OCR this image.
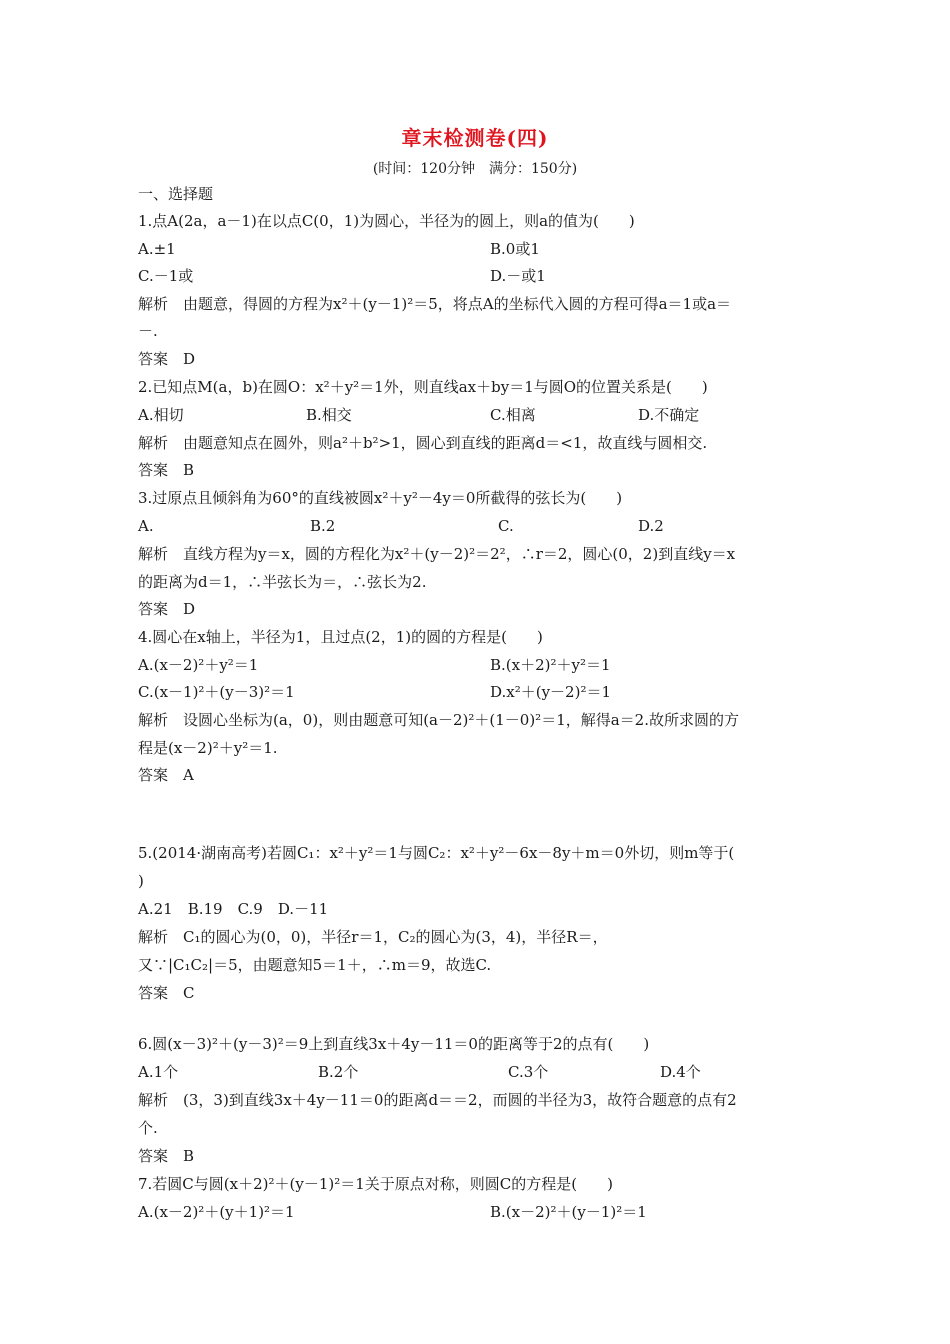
章末检测卷(四)
(时间：120分钟　满分：150分)
一、选择题
1.点A(2a，a－1)在以点C(0，1)为圆心，半径为的圆上，则a的值为(　　)
A.±1	B.0或1
C.－1或	D.－或1
解析　由题意，得圆的方程为x²＋(y－1)²＝5，将点A的坐标代入圆的方程可得a＝1或a＝
－.
答案　D
2.已知点M(a，b)在圆O：x²＋y²＝1外，则直线ax＋by＝1与圆O的位置关系是(　　)
A.相切	B.相交	C.相离	D.不确定
解析　由题意知点在圆外，则a²＋b²>1，圆心到直线的距离d＝<1，故直线与圆相交.
答案　B
3.过原点且倾斜角为60°的直线被圆x²＋y²－4y＝0所截得的弦长为(　　)
A.	B.2	C.	D.2
解析　直线方程为y＝x，圆的方程化为x²＋(y－2)²＝2²，∴r＝2，圆心(0，2)到直线y＝x
的距离为d＝1，∴半弦长为＝，∴弦长为2.
答案　D
4.圆心在x轴上，半径为1，且过点(2，1)的圆的方程是(　　)
A.(x－2)²＋y²＝1	B.(x＋2)²＋y²＝1
C.(x－1)²＋(y－3)²＝1	D.x²＋(y－2)²＝1
解析　设圆心坐标为(a，0)，则由题意可知(a－2)²＋(1－0)²＝1，解得a＝2.故所求圆的方
程是(x－2)²＋y²＝1.
答案　A
5.(2014·湖南高考)若圆C₁：x²＋y²＝1与圆C₂：x²＋y²－6x－8y＋m＝0外切，则m等于(
)
A.21　B.19　C.9　D.－11
解析　C₁的圆心为(0，0)，半径r＝1，C₂的圆心为(3，4)，半径R＝，
又∵|C₁C₂|＝5，由题意知5＝1＋，∴m＝9，故选C.
答案　C
6.圆(x－3)²＋(y－3)²＝9上到直线3x＋4y－11＝0的距离等于2的点有(　　)
A.1个	B.2个	C.3个	D.4个
解析　(3，3)到直线3x＋4y－11＝0的距离d＝＝2，而圆的半径为3，故符合题意的点有2
个.
答案　B
7.若圆C与圆(x＋2)²＋(y－1)²＝1关于原点对称，则圆C的方程是(　　)
A.(x－2)²＋(y＋1)²＝1	B.(x－2)²＋(y－1)²＝1
